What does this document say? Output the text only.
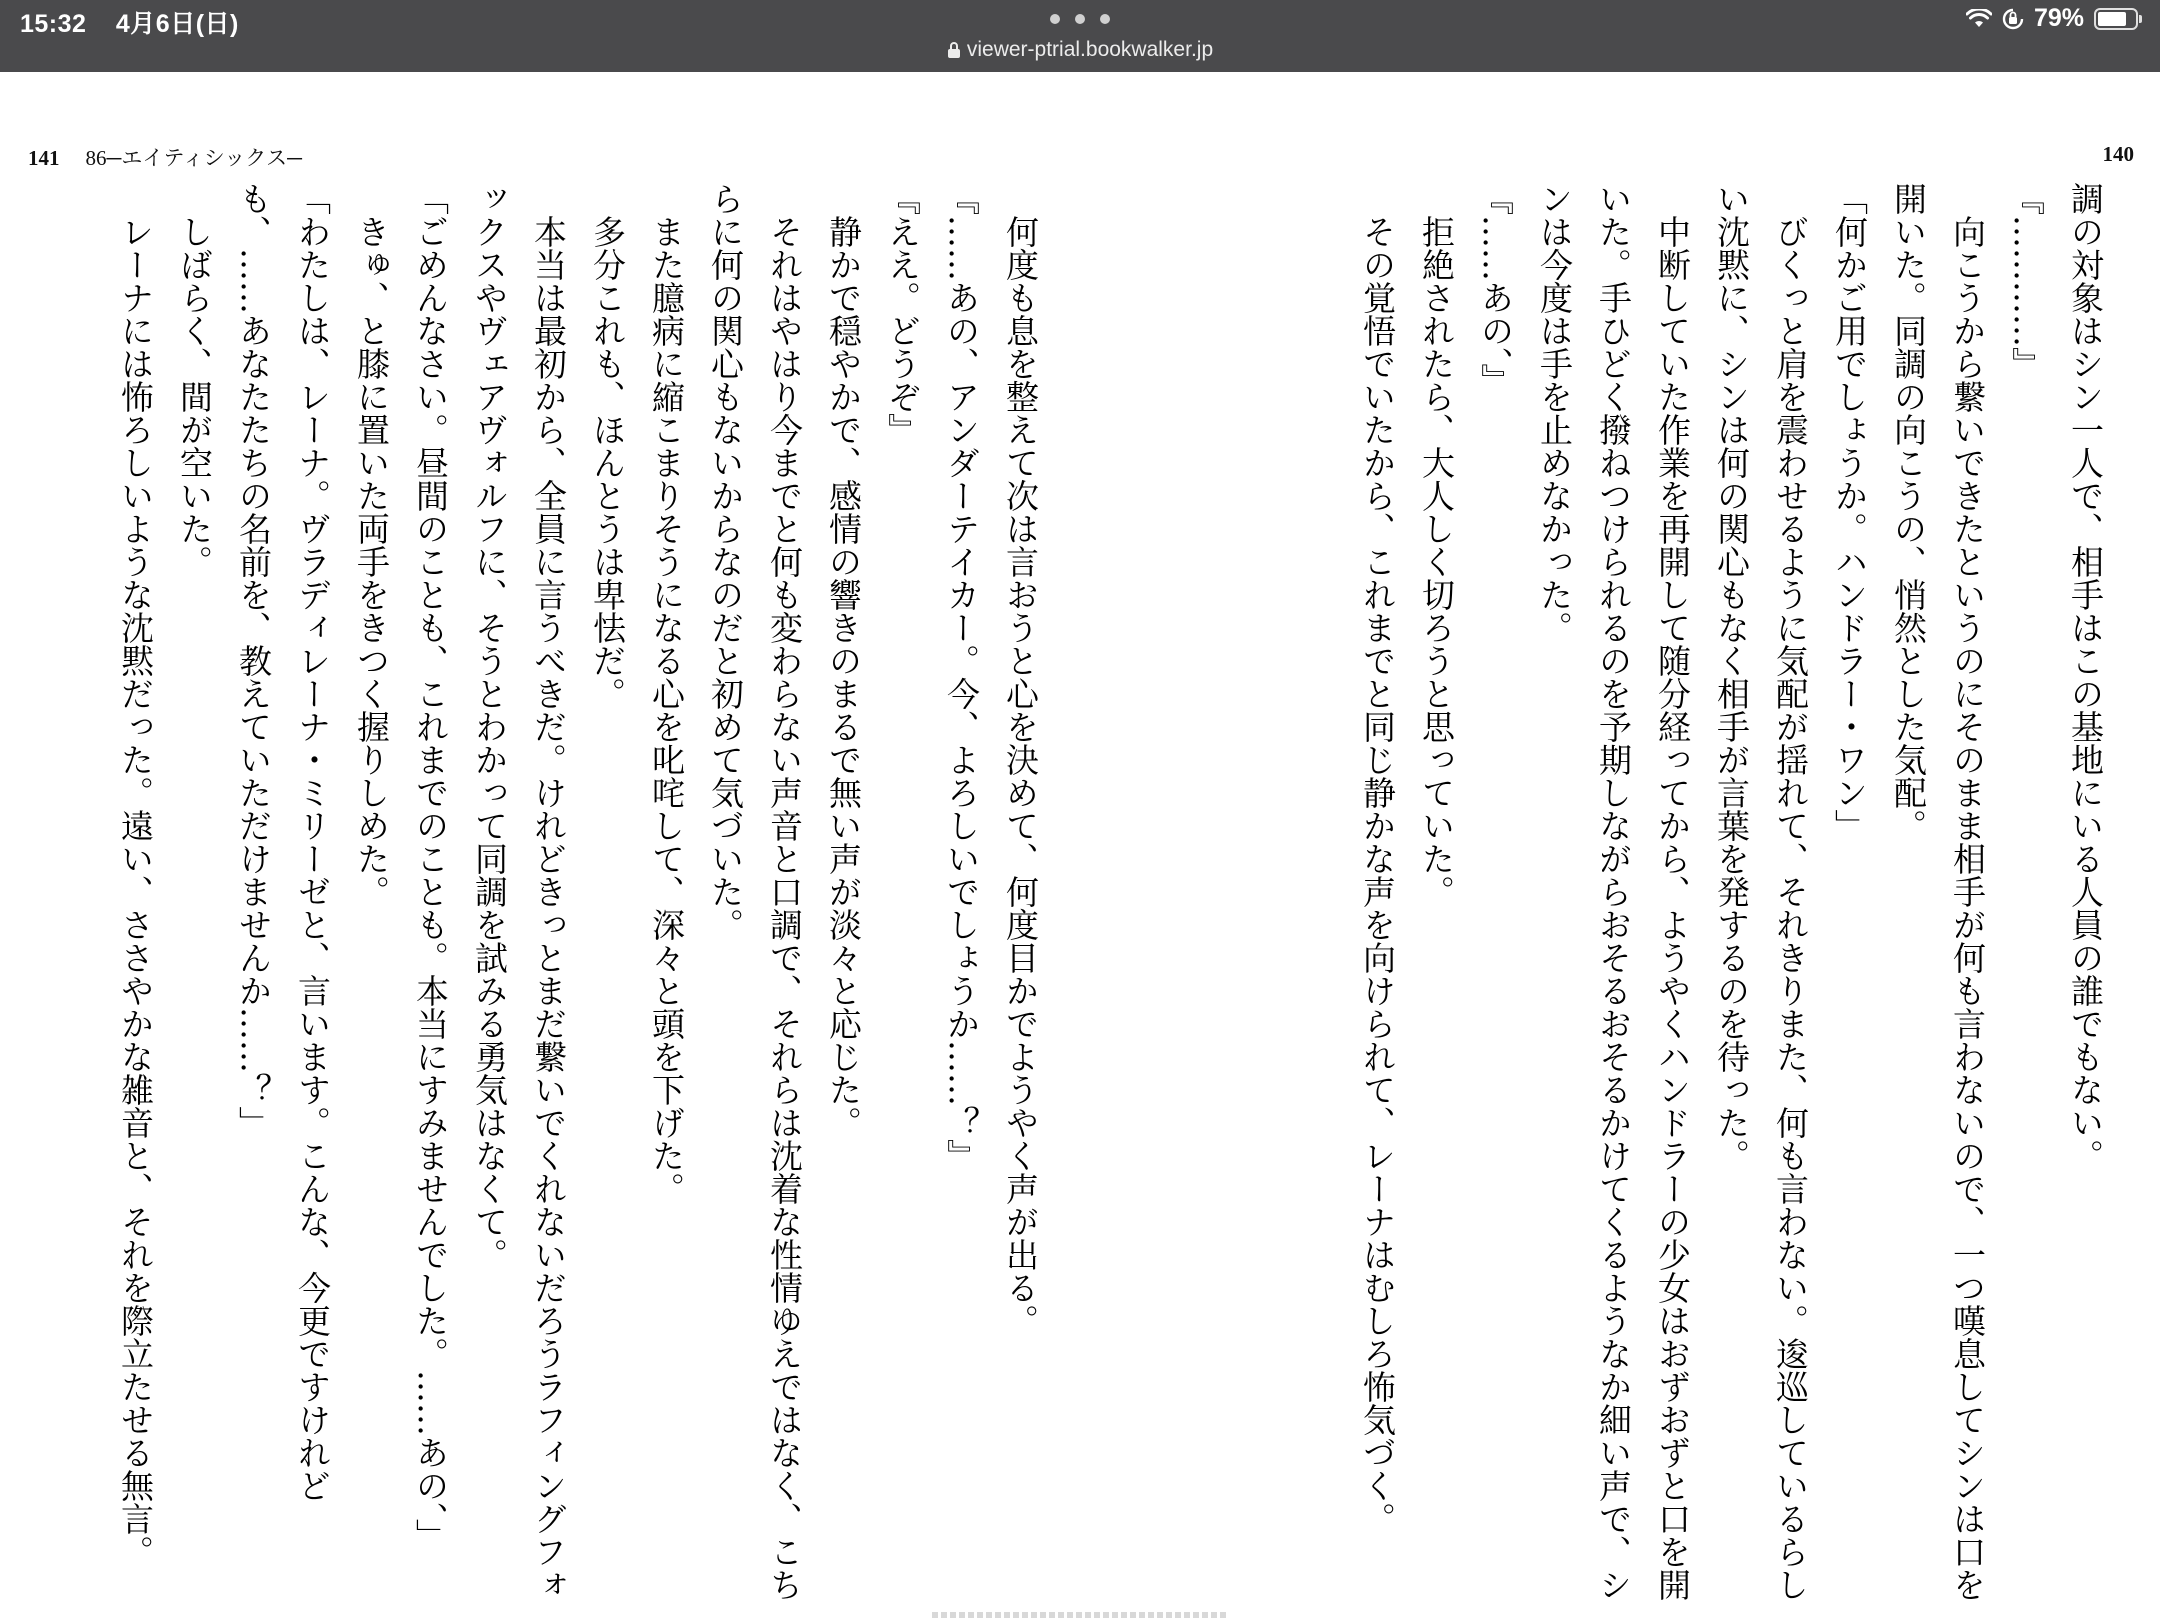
15:32 4月6日(日)
viewer-ptrial.bookwalker.jp
79%
141 86─エイティシックス─	140

調の対象はシン一人で、相手はこの基地にいる人員の誰でもない。

『…………』

　向こうから繋いできたというのにそのまま相手が何も言わないので、一つ嘆息してシンは口を開いた。同調の向こうの、悄然とした気配。

「何かご用でしょうか。ハンドラー・ワン」

　びくっと肩を震わせるように気配が揺れて、それきりまた、何も言わない。逡巡しているらしい沈黙に、シンは何の関心もなく相手が言葉を発するのを待った。

　中断していた作業を再開して随分経ってから、ようやくハンドラーの少女はおずおずと口を開いた。手ひどく撥ねつけられるのを予期しながらおそるおそるかけてくるようなか細い声で、シンは今度は手を止めなかった。

『……あの、』

　拒絶されたら、大人しく切ろうと思っていた。

　その覚悟でいたから、これまでと同じ静かな声を向けられて、レーナはむしろ怖気づく。

　何度も息を整えて次は言おうと心を決めて、何度目かでようやく声が出る。

『……あの、アンダーテイカー。今、よろしいでしょうか……？』

『ええ。どうぞ』

　静かで穏やかで、感情の響きのまるで無い声が淡々と応じた。

　それはやはり今までと何も変わらない声音と口調で、それらは沈着な性情ゆえではなく、こちらに何の関心もないからなのだと初めて気づいた。

　また臆病に縮こまりそうになる心を叱咤して、深々と頭を下げた。

　多分これも、ほんとうは卑怯だ。

　本当は最初から、全員に言うべきだ。けれどきっとまだ繋いでくれないだろうラフィングフォックスやヴェアヴォルフに、そうとわかって同調を試みる勇気はなくて。

「ごめんなさい。昼間のことも、これまでのことも。本当にすみませんでした。……あの、」

　きゅ、と膝に置いた両手をきつく握りしめた。

「わたしは、レーナ。ヴラディレーナ・ミリーゼと、言います。こんな、今更ですけれども、……あなたたちの名前を、教えていただけませんか……？」

　しばらく、間が空いた。

　レーナには怖ろしいような沈黙だった。遠い、ささやかな雑音と、それを際立たせる無言。
